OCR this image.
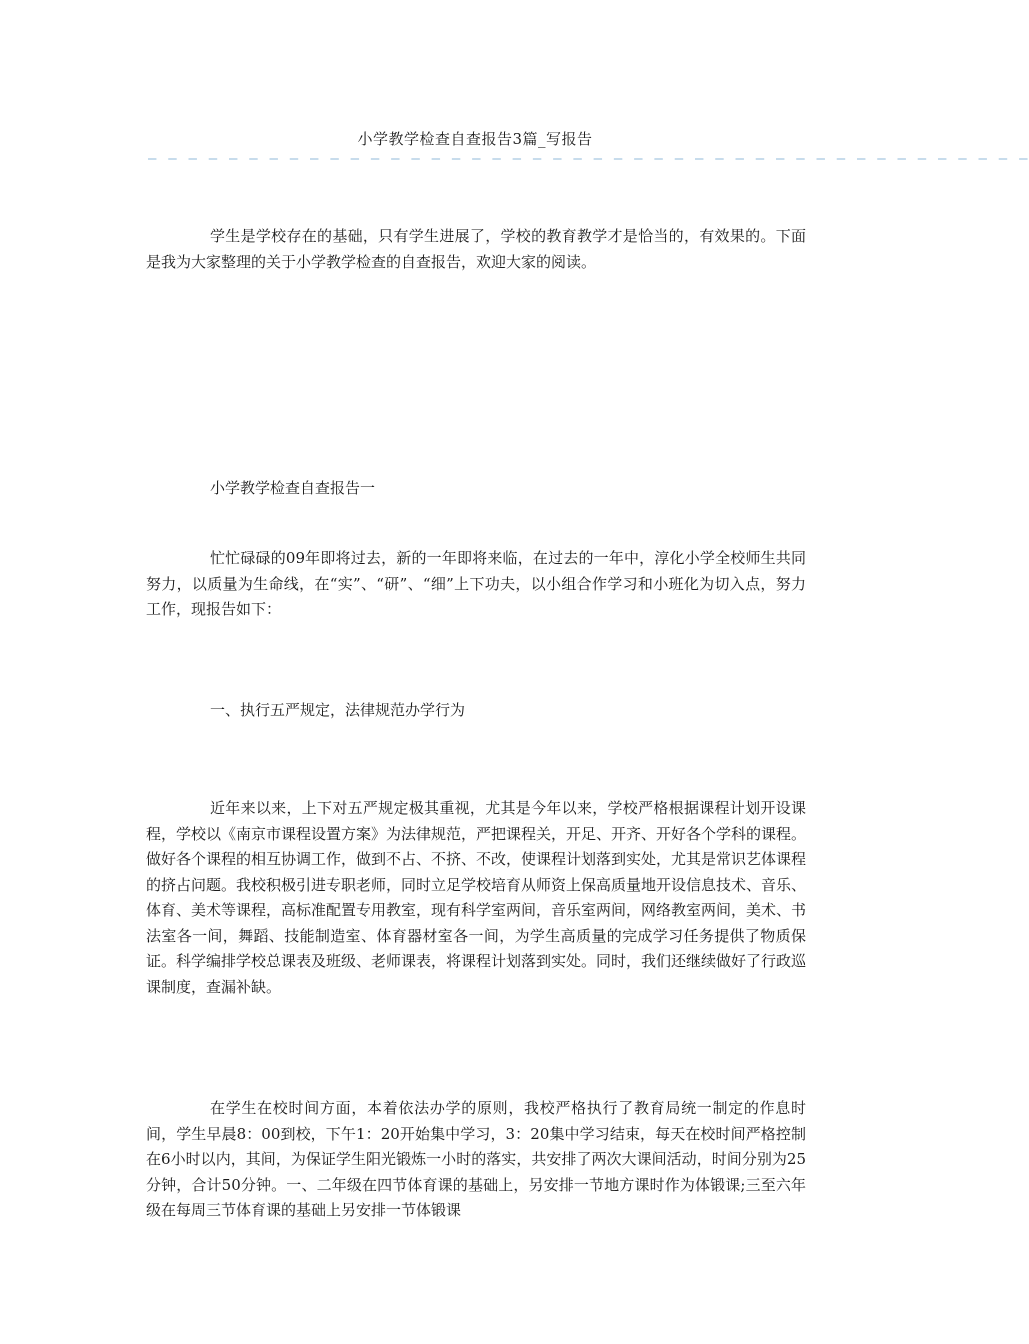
小学教学检查自查报告3篇_写报告
— — — — — — — — — — — — — — — — — — — — — — — — — — — — — — — — — — — — — — — — — — — —

学生是学校存在的基础，只有学生进展了，学校的教育教学才是恰当的，有效果的。下面是我为大家整理的关于小学教学检查的自查报告，欢迎大家的阅读。

小学教学检查自查报告一

忙忙碌碌的09年即将过去，新的一年即将来临，在过去的一年中，淳化小学全校师生共同努力，以质量为生命线，在“实”、“研”、“细”上下功夫，以小组合作学习和小班化为切入点，努力工作，现报告如下：

一、执行五严规定，法律规范办学行为

近年来以来，上下对五严规定极其重视，尤其是今年以来，学校严格根据课程计划开设课程，学校以《南京市课程设置方案》为法律规范，严把课程关，开足、开齐、开好各个学科的课程。做好各个课程的相互协调工作，做到不占、不挤、不改，使课程计划落到实处，尤其是常识艺体课程的挤占问题。我校积极引进专职老师，同时立足学校培育从师资上保高质量地开设信息技术、音乐、体育、美术等课程，高标准配置专用教室，现有科学室两间，音乐室两间，网络教室两间，美术、书法室各一间，舞蹈、技能制造室、体育器材室各一间，为学生高质量的完成学习任务提供了物质保证。科学编排学校总课表及班级、老师课表，将课程计划落到实处。同时，我们还继续做好了行政巡课制度，查漏补缺。

在学生在校时间方面，本着依法办学的原则，我校严格执行了教育局统一制定的作息时间，学生早晨8：00到校，下午1：20开始集中学习，3：20集中学习结束，每天在校时间严格控制在6小时以内，其间，为保证学生阳光锻炼一小时的落实，共安排了两次大课间活动，时间分别为25分钟，合计50分钟。一、二年级在四节体育课的基础上，另安排一节地方课时作为体锻课;三至六年级在每周三节体育课的基础上另安排一节体锻课
